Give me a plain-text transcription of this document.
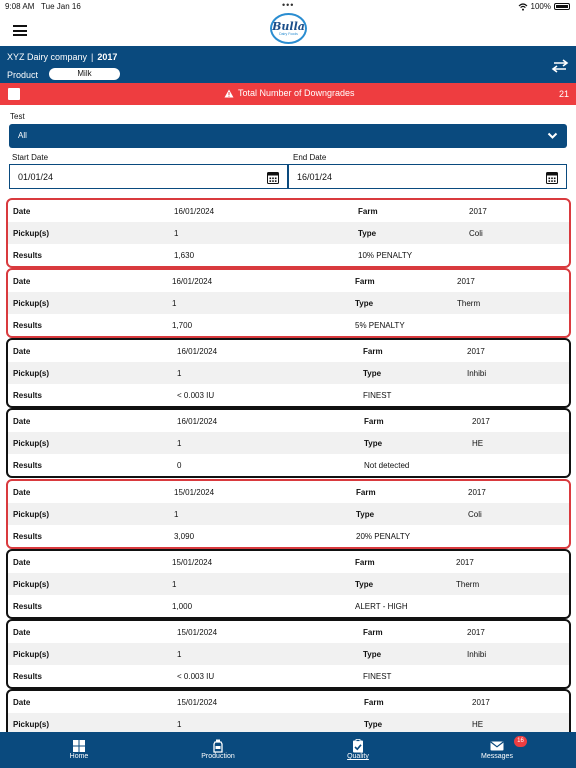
9:08 AM Tue Jan 16	•••	100%
Bulla
Dairy Foods
XYZ Dairy company | 2017
Product	Milk
Total Number of Downgrades	21
Test
All
Start Date	End Date
01/01/24	16/01/24
Date	16/01/2024	Farm	2017
Pickup(s)	1	Type	Coli
Results	1,630	10% PENALTY
Date	16/01/2024	Farm	2017
Pickup(s)	1	Type	Therm
Results	1,700	5% PENALTY
Date	16/01/2024	Farm	2017
Pickup(s)	1	Type	Inhibi
Results	< 0.003 IU	FINEST
Date	16/01/2024	Farm	2017
Pickup(s)	1	Type	HE
Results	0	Not detected
Date	15/01/2024	Farm	2017
Pickup(s)	1	Type	Coli
Results	3,090	20% PENALTY
Date	15/01/2024	Farm	2017
Pickup(s)	1	Type	Therm
Results	1,000	ALERT - HIGH
Date	15/01/2024	Farm	2017
Pickup(s)	1	Type	Inhibi
Results	< 0.003 IU	FINEST
Date	15/01/2024	Farm	2017
Pickup(s)	1	Type	HE
Home	Production	Quality	Messages
16
